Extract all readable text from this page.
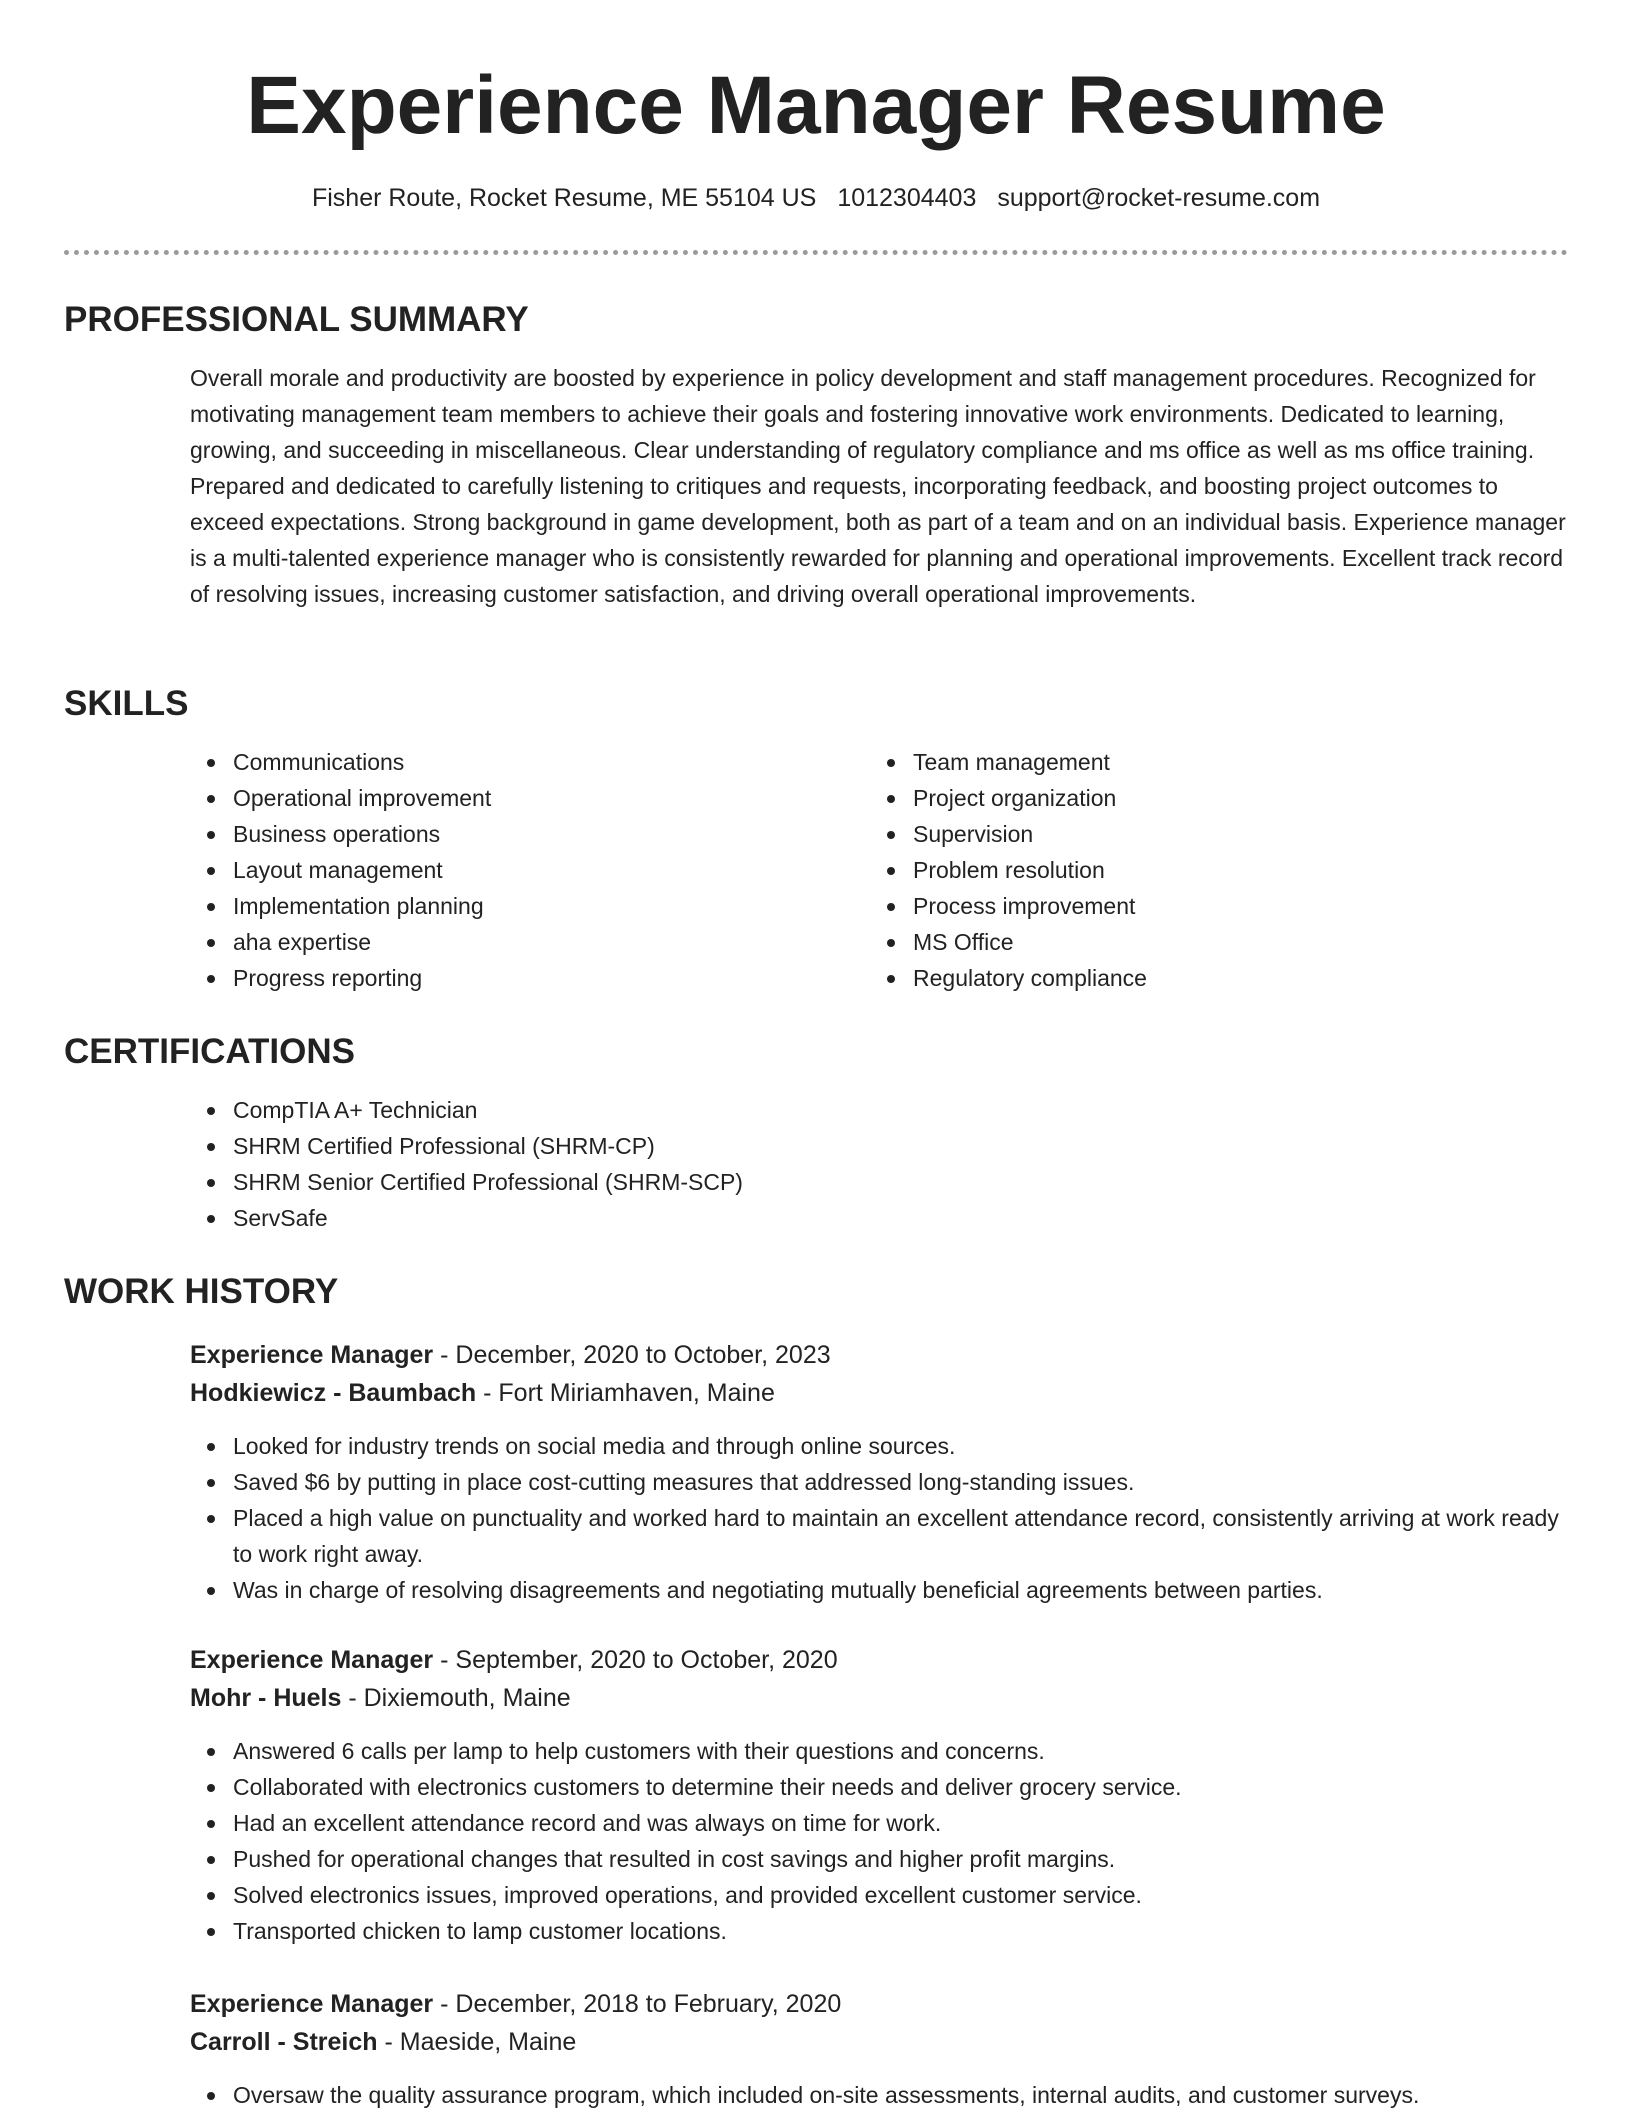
Experience Manager Resume
Fisher Route, Rocket Resume, ME 55104 US 1012304403 support@rocket-resume.com
PROFESSIONAL SUMMARY
Overall morale and productivity are boosted by experience in policy development and staff management procedures. Recognized for motivating management team members to achieve their goals and fostering innovative work environments. Dedicated to learning, growing, and succeeding in miscellaneous. Clear understanding of regulatory compliance and ms office as well as ms office training. Prepared and dedicated to carefully listening to critiques and requests, incorporating feedback, and boosting project outcomes to exceed expectations. Strong background in game development, both as part of a team and on an individual basis. Experience manager is a multi-talented experience manager who is consistently rewarded for planning and operational improvements. Excellent track record of resolving issues, increasing customer satisfaction, and driving overall operational improvements.
SKILLS
Communications
Operational improvement
Business operations
Layout management
Implementation planning
aha expertise
Progress reporting
Team management
Project organization
Supervision
Problem resolution
Process improvement
MS Office
Regulatory compliance
CERTIFICATIONS
CompTIA A+ Technician
SHRM Certified Professional (SHRM-CP)
SHRM Senior Certified Professional (SHRM-SCP)
ServSafe
WORK HISTORY
Experience Manager - December, 2020 to October, 2023
Hodkiewicz - Baumbach - Fort Miriamhaven, Maine
Looked for industry trends on social media and through online sources.
Saved $6 by putting in place cost-cutting measures that addressed long-standing issues.
Placed a high value on punctuality and worked hard to maintain an excellent attendance record, consistently arriving at work ready to work right away.
Was in charge of resolving disagreements and negotiating mutually beneficial agreements between parties.
Experience Manager - September, 2020 to October, 2020
Mohr - Huels - Dixiemouth, Maine
Answered 6 calls per lamp to help customers with their questions and concerns.
Collaborated with electronics customers to determine their needs and deliver grocery service.
Had an excellent attendance record and was always on time for work.
Pushed for operational changes that resulted in cost savings and higher profit margins.
Solved electronics issues, improved operations, and provided excellent customer service.
Transported chicken to lamp customer locations.
Experience Manager - December, 2018 to February, 2020
Carroll - Streich - Maeside, Maine
Oversaw the quality assurance program, which included on-site assessments, internal audits, and customer surveys.
